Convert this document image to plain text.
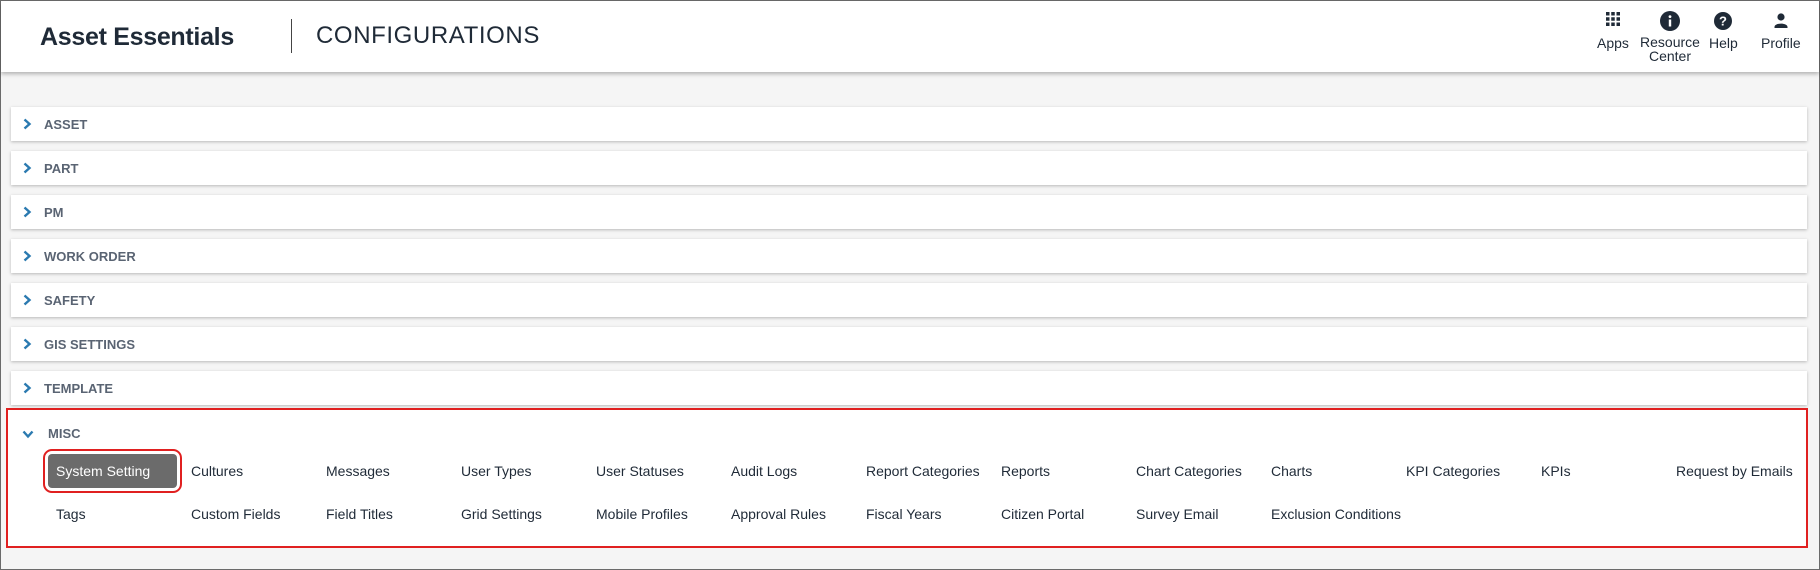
Asset Essentials	CONFIGURATIONS	Apps Resource
Center
?
Help Profile
ASSET
PART
PM
WORK ORDER
SAFETY
GIS SETTINGS
TEMPLATE
MISC
System Setting	Cultures	Messages	User Types	User Statuses	Audit Logs	Report Categories Reports	Chart Categories Charts	KPI Categories	KPIs	Request by Emails
Tags	Custom Fields	Field Titles	Grid Settings	Mobile Profiles	Approval Rules	Fiscal Years	Citizen Portal	Survey Email	Exclusion Conditions
